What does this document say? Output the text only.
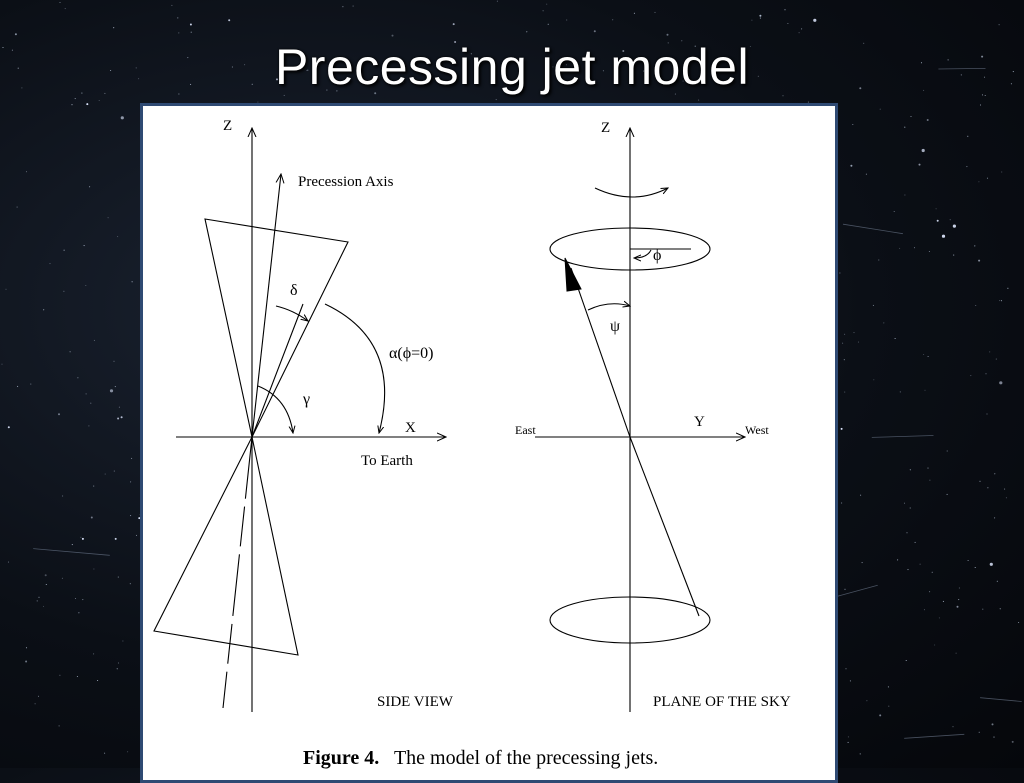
Precessing jet model
Z
Precession Axis
δ
α(ϕ=0)
γ
X
To Earth
SIDE VIEW
Z
ϕ
ψ
East	Y	West
PLANE OF THE SKY
Figure 4. The model of the precessing jets.
